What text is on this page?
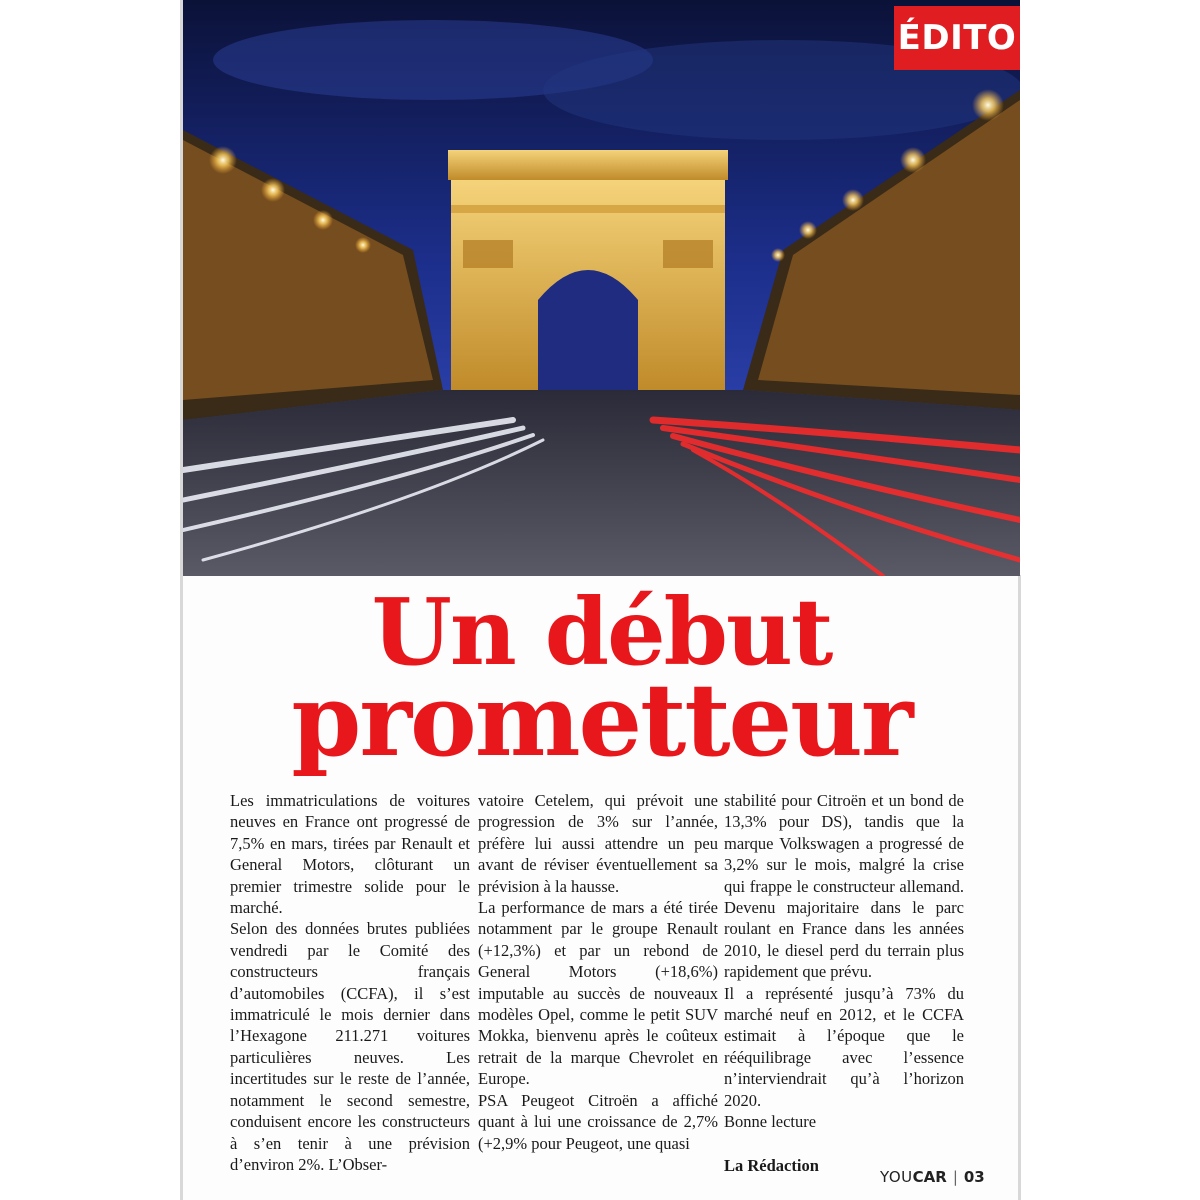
ÉDITO
Un début
prometteur

Les immatriculations de voitures neuves en France ont progressé de 7,5% en mars, tirées par Renault et General Motors, clôturant un premier trimestre solide pour le marché.

Selon des données brutes publiées vendredi par le Comité des constructeurs français d’automobiles (CCFA), il s’est immatriculé le mois dernier dans l’Hexagone 211.271 voitures particulières neuves. Les incertitudes sur le reste de l’année, notamment le second semestre, conduisent encore les constructeurs à s’en tenir à une prévision d’environ 2%. L’Obser-

vatoire Cetelem, qui prévoit une progression de 3% sur l’année, préfère lui aussi attendre un peu avant de réviser éventuellement sa prévision à la hausse.

La performance de mars a été tirée notamment par le groupe Renault (+12,3%) et par un rebond de General Motors (+18,6%) imputable au succès de nouveaux modèles Opel, comme le petit SUV Mokka, bienvenu après le coûteux retrait de la marque Chevrolet en Europe.

PSA Peugeot Citroën a affiché quant à lui une croissance de 2,7% (+2,9% pour Peugeot, une quasi

stabilité pour Citroën et un bond de 13,3% pour DS), tandis que la marque Volkswagen a progressé de 3,2% sur le mois, malgré la crise qui frappe le constructeur allemand. Devenu majoritaire dans le parc roulant en France dans les années 2010, le diesel perd du terrain plus rapidement que prévu.

Il a représenté jusqu’à 73% du marché neuf en 2012, et le CCFA estimait à l’époque que le rééquilibrage avec l’essence n’interviendrait qu’à l’horizon 2020.

Bonne lecture

La Rédaction

YOU CAR | 03
